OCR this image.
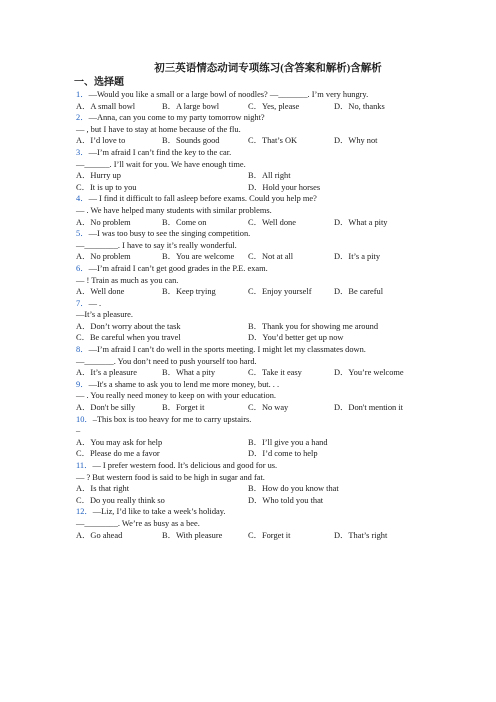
初三英语情态动词专项练习(含答案和解析)含解析
一、选择题
1．—Would you like a small or a large bowl of noodles? —_______. I’m very hungry.
A．A small bowl	B．A large bowl	C．Yes, please	D．No, thanks
2．—Anna, can you come to my party tomorrow night?
— , but I have to stay at home because of the flu.
A．I’d love to	B．Sounds good	C．That’s OK	D．Why not
3．—I’m afraid I can’t find the key to the car.
—______. I’ll wait for you. We have enough time.
A．Hurry up	B．All right
C．It is up to you	D．Hold your horses
4．— I find it difficult to fall asleep before exams. Could you help me?
— . We have helped many students with similar problems.
A．No problem	B．Come on	C．Well done	D．What a pity
5．—I was too busy to see the singing competition.
—________. I have to say it’s really wonderful.
A．No problem	B．You are welcome	C．Not at all	D．It’s a pity
6．—I’m afraid I can’t get good grades in the P.E. exam.
— ! Train as much as you can.
A．Well done	B．Keep trying	C．Enjoy yourself	D．Be careful
7．— .
—It’s a pleasure.
A．Don’t worry about the task	B．Thank you for showing me around
C．Be careful when you travel	D．You’d better get up now
8．—I’m afraid I can’t do well in the sports meeting. I might let my classmates down.
—_______. You don’t need to push yourself too hard.
A．It’s a pleasure	B．What a pity	C．Take it easy	D．You’re welcome
9．—It's a shame to ask you to lend me more money, but. . .
— . You really need money to keep on with your education.
A．Don't be silly	B．Forget it	C．No way	D．Don't mention it
10．–This box is too heavy for me to carry upstairs.
–
A．You may ask for help	B．I’ll give you a hand
C．Please do me a favor	D．I’d come to help
11．— I prefer western food. It’s delicious and good for us.
— ? But western food is said to be high in sugar and fat.
A．Is that right	B．How do you know that
C．Do you really think so	D．Who told you that
12．—Liz, I’d like to take a week’s holiday.
—________. We’re as busy as a bee.
A．Go ahead	B．With pleasure	C．Forget it	D．That’s right
